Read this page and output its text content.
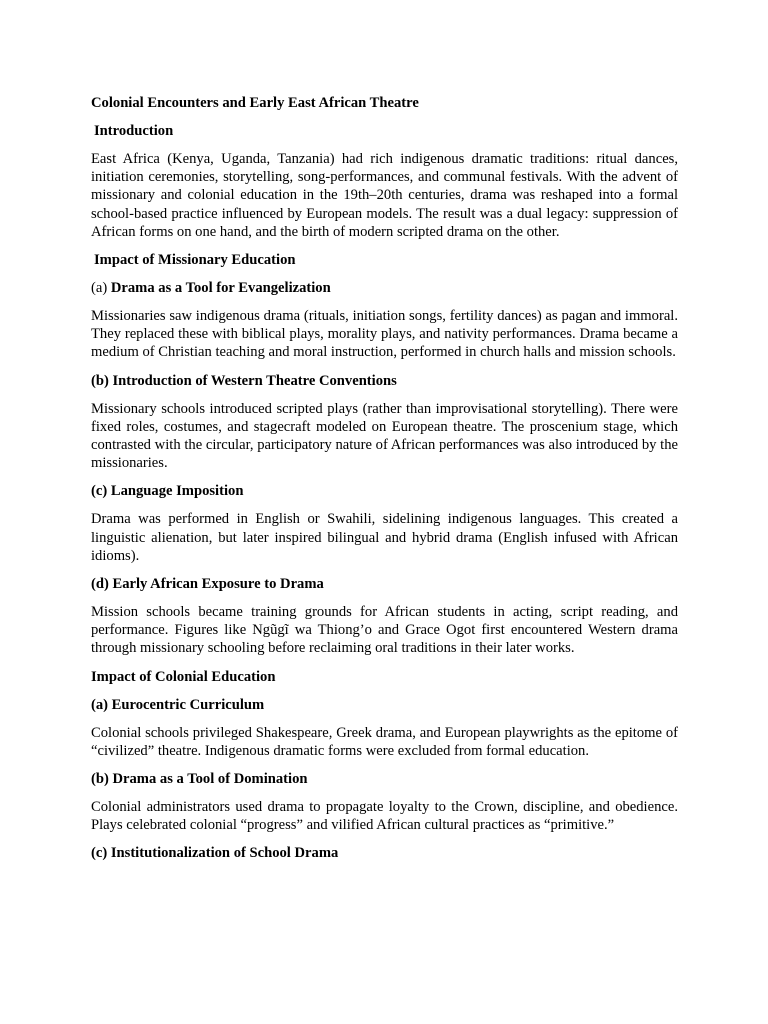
Colonial Encounters and Early East African Theatre
Introduction

East Africa (Kenya, Uganda, Tanzania) had rich indigenous dramatic traditions: ritual dances, initiation ceremonies, storytelling, song-performances, and communal festivals. With the advent of missionary and colonial education in the 19th–20th centuries, drama was reshaped into a formal school-based practice influenced by European models. The result was a dual legacy: suppression of African forms on one hand, and the birth of modern scripted drama on the other.

Impact of Missionary Education
(a) Drama as a Tool for Evangelization

Missionaries saw indigenous drama (rituals, initiation songs, fertility dances) as pagan and immoral. They replaced these with biblical plays, morality plays, and nativity performances. Drama became a medium of Christian teaching and moral instruction, performed in church halls and mission schools.

(b) Introduction of Western Theatre Conventions

Missionary schools introduced scripted plays (rather than improvisational storytelling). There were fixed roles, costumes, and stagecraft modeled on European theatre. The proscenium stage, which contrasted with the circular, participatory nature of African performances was also introduced by the missionaries.

(c) Language Imposition

Drama was performed in English or Swahili, sidelining indigenous languages. This created a linguistic alienation, but later inspired bilingual and hybrid drama (English infused with African idioms).

(d) Early African Exposure to Drama

Mission schools became training grounds for African students in acting, script reading, and performance. Figures like Ngũgĩ wa Thiong’o and Grace Ogot first encountered Western drama through missionary schooling before reclaiming oral traditions in their later works.

Impact of Colonial Education
(a) Eurocentric Curriculum

Colonial schools privileged Shakespeare, Greek drama, and European playwrights as the epitome of “civilized” theatre. Indigenous dramatic forms were excluded from formal education.

(b) Drama as a Tool of Domination

Colonial administrators used drama to propagate loyalty to the Crown, discipline, and obedience. Plays celebrated colonial “progress” and vilified African cultural practices as “primitive.”

(c) Institutionalization of School Drama
